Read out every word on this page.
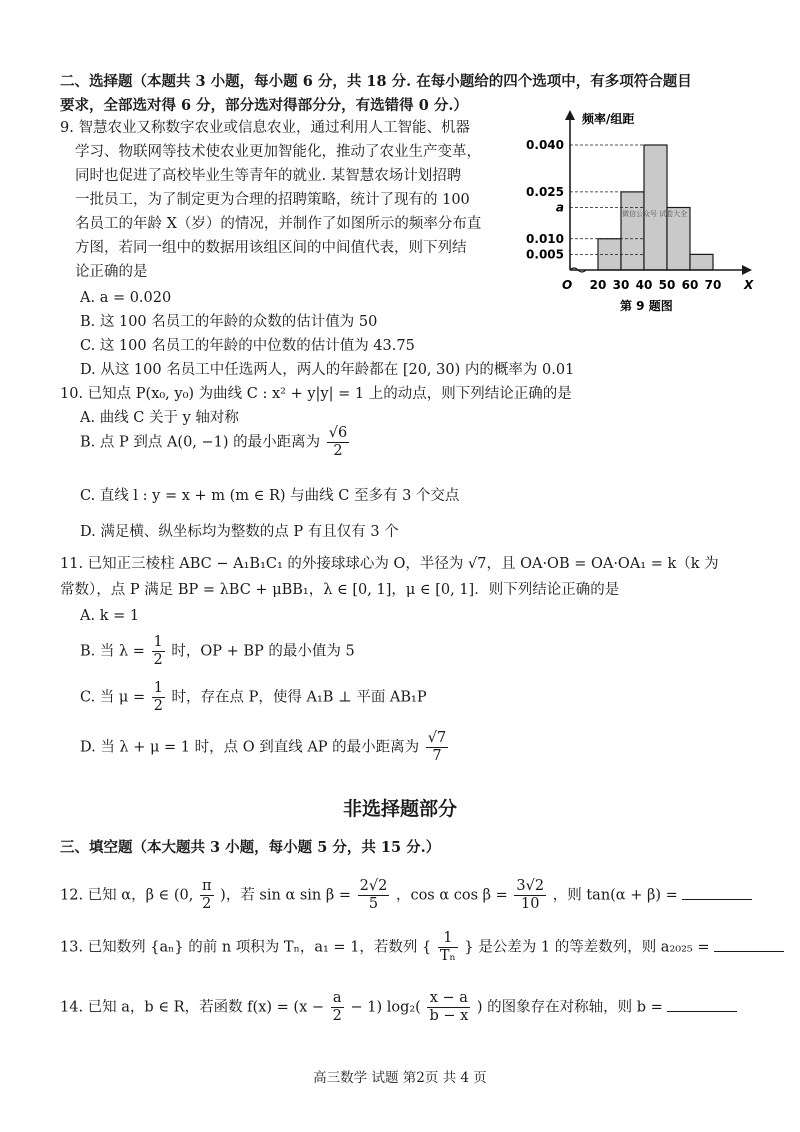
二、选择题（本题共 3 小题，每小题 6 分，共 18 分. 在每小题给的四个选项中，有多项符合题目
要求，全部选对得 6 分，部分选对得部分分，有选错得 0 分.）
9. 智慧农业又称数字农业或信息农业，通过利用人工智能、机器
学习、物联网等技术使农业更加智能化，推动了农业生产变革，
同时也促进了高校毕业生等青年的就业. 某智慧农场计划招聘
一批员工，为了制定更为合理的招聘策略，统计了现有的 100
名员工的年龄 X（岁）的情况，并制作了如图所示的频率分布直
方图，若同一组中的数据用该组区间的中间值代表，则下列结
论正确的是
A. a = 0.020
B. 这 100 名员工的年龄的众数的估计值为 50
C. 这 100 名员工的年龄的中位数的估计值为 43.75
D. 从这 100 名员工中任选两人，两人的年龄都在 [20, 30) 内的概率为 0.01
0.040
0.025
a
0.010
0.005
20 30 40 50 60 70
频率/组距
X
O
微信公众号 试卷大全
第 9 题图
10. 已知点 P(x₀, y₀) 为曲线 C : x² + y|y| = 1 上的动点，则下列结论正确的是
A. 曲线 C 关于 y 轴对称
B. 点 P 到点 A(0, −1) 的最小距离为 $\frac{√6}{2}$
C. 直线 l : y = x + m (m ∈ R) 与曲线 C 至多有 3 个交点
D. 满足横、纵坐标均为整数的点 P 有且仅有 3 个
11. 已知正三棱柱 ABC − A₁B₁C₁ 的外接球球心为 O，半径为 √7，且 OA·OB = OA·OA₁ = k（k 为
常数），点 P 满足 BP = λBC + μBB₁，λ ∈ [0, 1]，μ ∈ [0, 1]．则下列结论正确的是
A. k = 1
B. 当 $\lambda = \frac{1}{2}$ 时，OP + BP 的最小值为 5
C. 当 $\mu = \frac{1}{2}$ 时，存在点 P，使得 A₁B ⊥ 平面 AB₁P
D. 当 λ + μ = 1 时，点 O 到直线 AP 的最小距离为 $\frac{√7}{7}$
非选择题部分
三、填空题（本大题共 3 小题，每小题 5 分，共 15 分.）
12. 已知 α，β ∈ (0, $\frac{\pi}{2}$ )，若 sin α $\sin \beta = \frac{2√2}{5}$ ，cos α $\cos \beta = \frac{3√2}{10}$ ，则 tan(α + β) =
13. 已知数列 {aₙ} 的前 n 项积为 Tₙ，a₁ = 1，若数列 { $\frac{1}{\text{Tₙ}}$ } 是公差为 1 的等差数列，则 a₂₀₂₅ =
14. 已知 a，b ∈ R，若函数 $f(x) = (x - \frac{a}{2} - 1)$ $\log_2( \frac{x - a}{b - x}$ ) 的图象存在对称轴，则 b =
高三数学 试题 第2页 共 4 页
